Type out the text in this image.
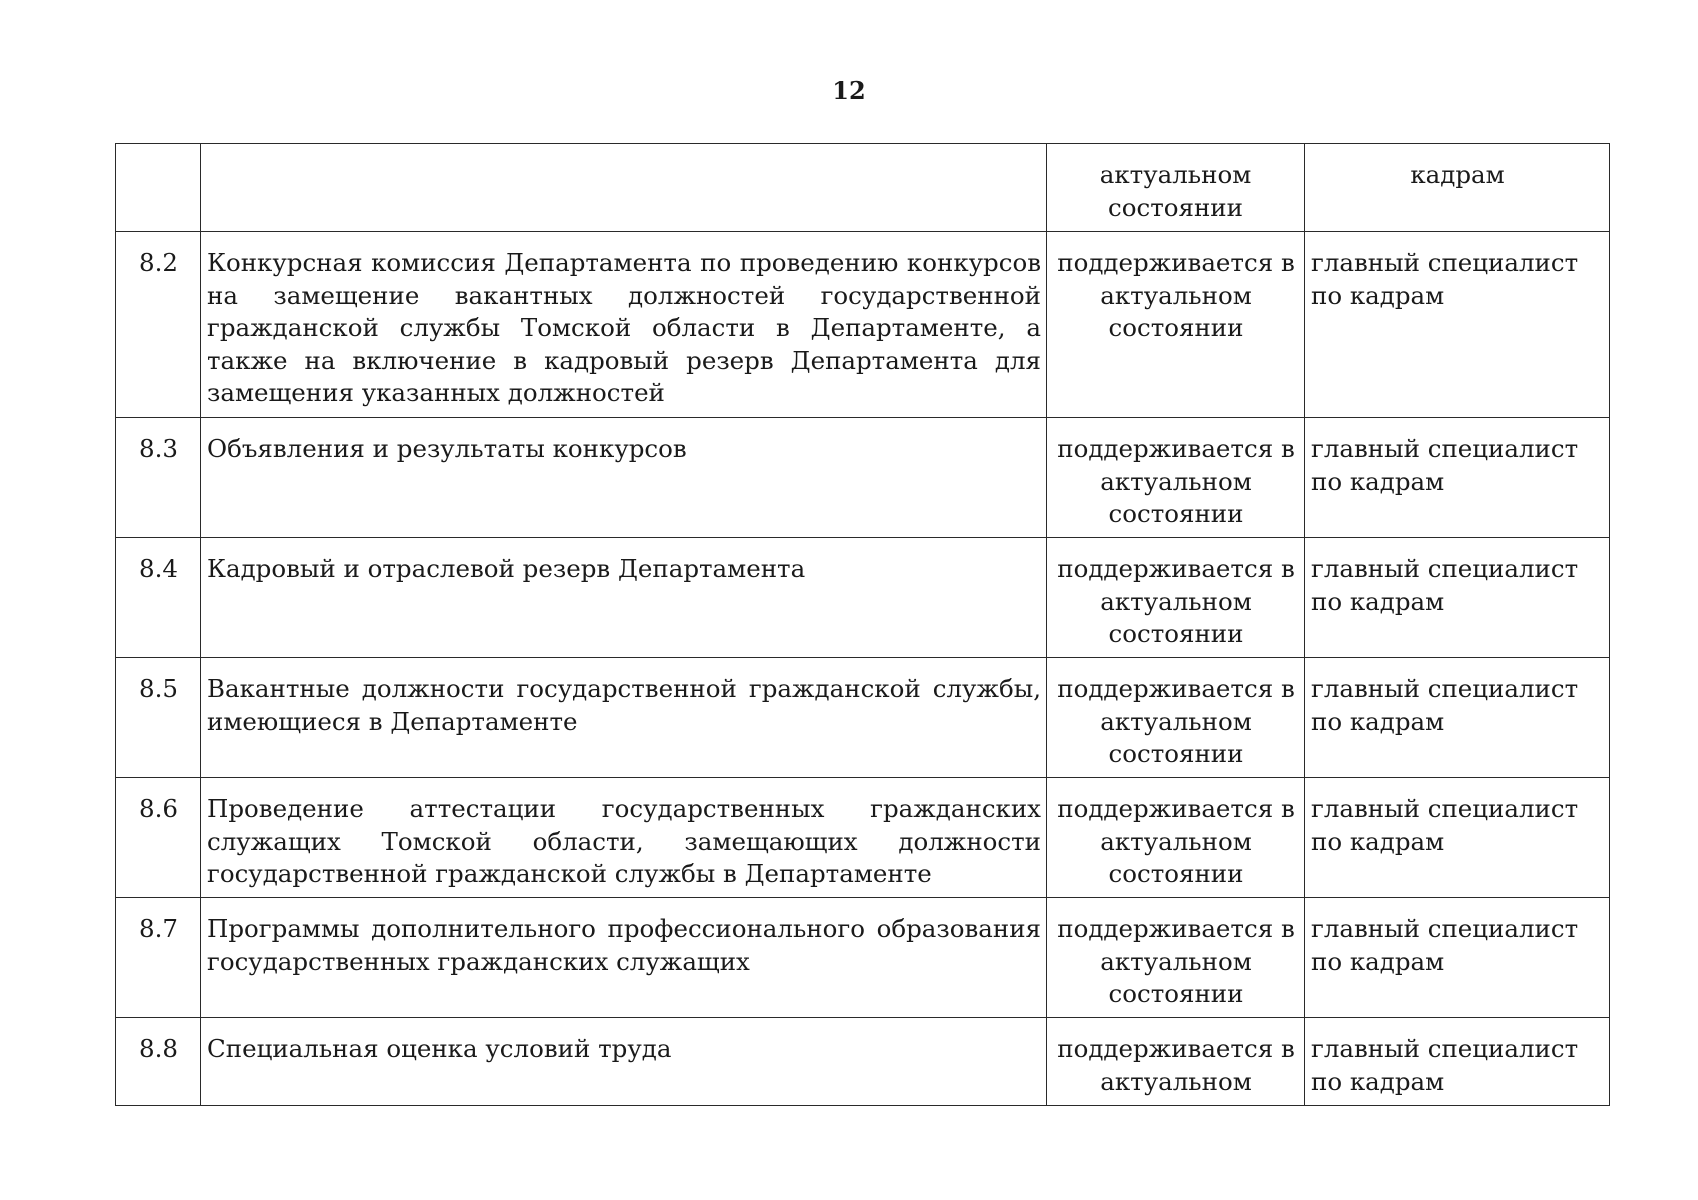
12
		актуальном состоянии	кадрам
8.2	Конкурсная комиссия Департамента по проведению конкурсов на замещение вакантных должностей государственной гражданской службы Томской области в Департаменте, а также на включение в кадровый резерв Департамента для замещения указанных должностей	поддерживается в актуальном состоянии	главный специалист по кадрам
8.3	Объявления и результаты конкурсов	поддерживается в актуальном состоянии	главный специалист по кадрам
8.4	Кадровый и отраслевой резерв Департамента	поддерживается в актуальном состоянии	главный специалист по кадрам
8.5	Вакантные должности государственной гражданской службы, имеющиеся в Департаменте	поддерживается в актуальном состоянии	главный специалист по кадрам
8.6	Проведение аттестации государственных гражданских служащих Томской области, замещающих должности государственной гражданской службы в Департаменте	поддерживается в актуальном состоянии	главный специалист по кадрам
8.7	Программы дополнительного профессионального образования государственных гражданских служащих	поддерживается в актуальном состоянии	главный специалист по кадрам
8.8	Специальная оценка условий труда	поддерживается в актуальном	главный специалист по кадрам
